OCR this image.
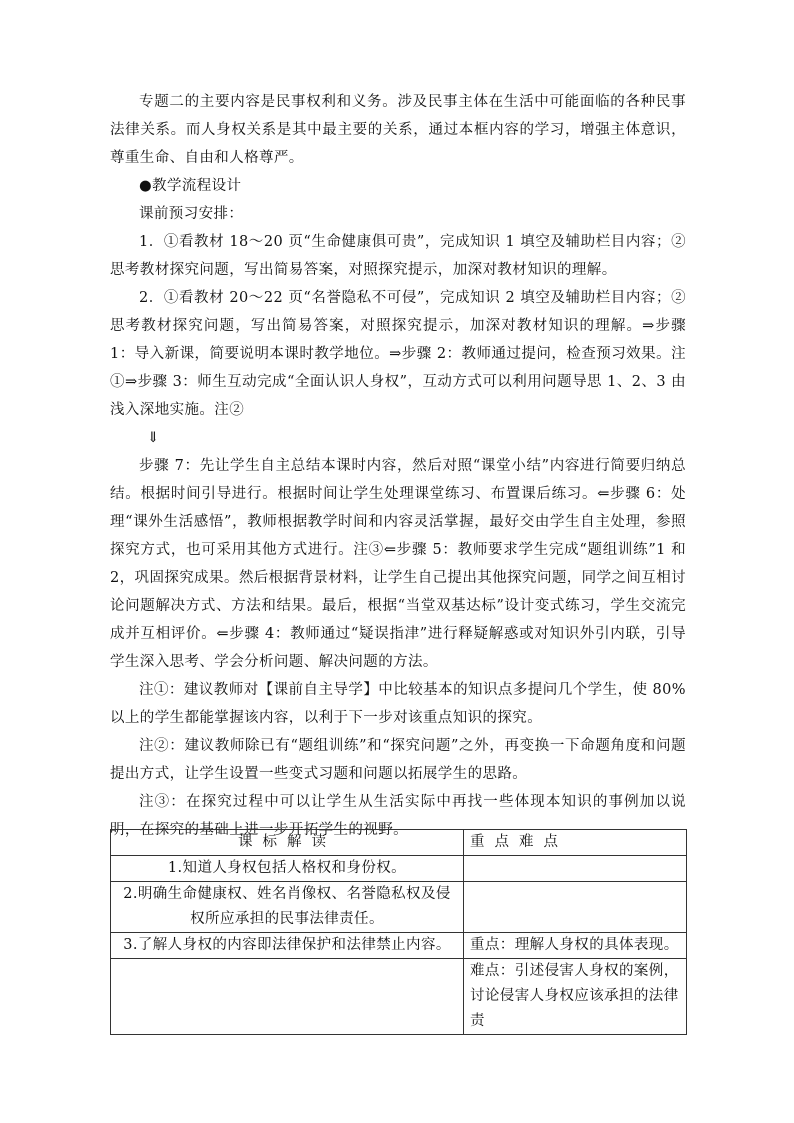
专题二的主要内容是民事权利和义务。涉及民事主体在生活中可能面临的各种民事法律关系。而人身权关系是其中最主要的关系，通过本框内容的学习，增强主体意识，尊重生命、自由和人格尊严。

●教学流程设计

课前预习安排：

1．①看教材 18～20 页“生命健康俱可贵”，完成知识 1 填空及辅助栏目内容；②思考教材探究问题，写出简易答案，对照探究提示，加深对教材知识的理解。

2．①看教材 20～22 页“名誉隐私不可侵”，完成知识 2 填空及辅助栏目内容；②思考教材探究问题，写出简易答案，对照探究提示，加深对教材知识的理解。⇒步骤 1：导入新课，简要说明本课时教学地位。⇒步骤 2：教师通过提问，检查预习效果。注①⇒步骤 3：师生互动完成“全面认识人身权”，互动方式可以利用问题导思 1、2、3 由浅入深地实施。注②

⇓

步骤 7：先让学生自主总结本课时内容，然后对照“课堂小结”内容进行简要归纳总结。根据时间引导进行。根据时间让学生处理课堂练习、布置课后练习。⇐步骤 6：处理“课外生活感悟”，教师根据教学时间和内容灵活掌握，最好交由学生自主处理，参照探究方式，也可采用其他方式进行。注③⇐步骤 5：教师要求学生完成“题组训练”1 和 2，巩固探究成果。然后根据背景材料，让学生自己提出其他探究问题，同学之间互相讨论问题解决方式、方法和结果。最后，根据“当堂双基达标”设计变式练习，学生交流完成并互相评价。⇐步骤 4：教师通过“疑误指津”进行释疑解惑或对知识外引内联，引导学生深入思考、学会分析问题、解决问题的方法。

注①：建议教师对【课前自主导学】中比较基本的知识点多提问几个学生，使 80%以上的学生都能掌握该内容，以利于下一步对该重点知识的探究。

注②：建议教师除已有“题组训练”和“探究问题”之外，再变换一下命题角度和问题提出方式，让学生设置一些变式习题和问题以拓展学生的思路。

注③：在探究过程中可以让学生从生活实际中再找一些体现本知识的事例加以说明，在探究的基础上进一步开拓学生的视野。

课标解读	重点难点
1.知道人身权包括人格权和身份权。	
2.明确生命健康权、姓名肖像权、名誉隐私权及侵权所应承担的民事法律责任。	
3.了解人身权的内容即法律保护和法律禁止内容。	重点：理解人身权的具体表现。
	难点：引述侵害人身权的案例，讨论侵害人身权应该承担的法律责
